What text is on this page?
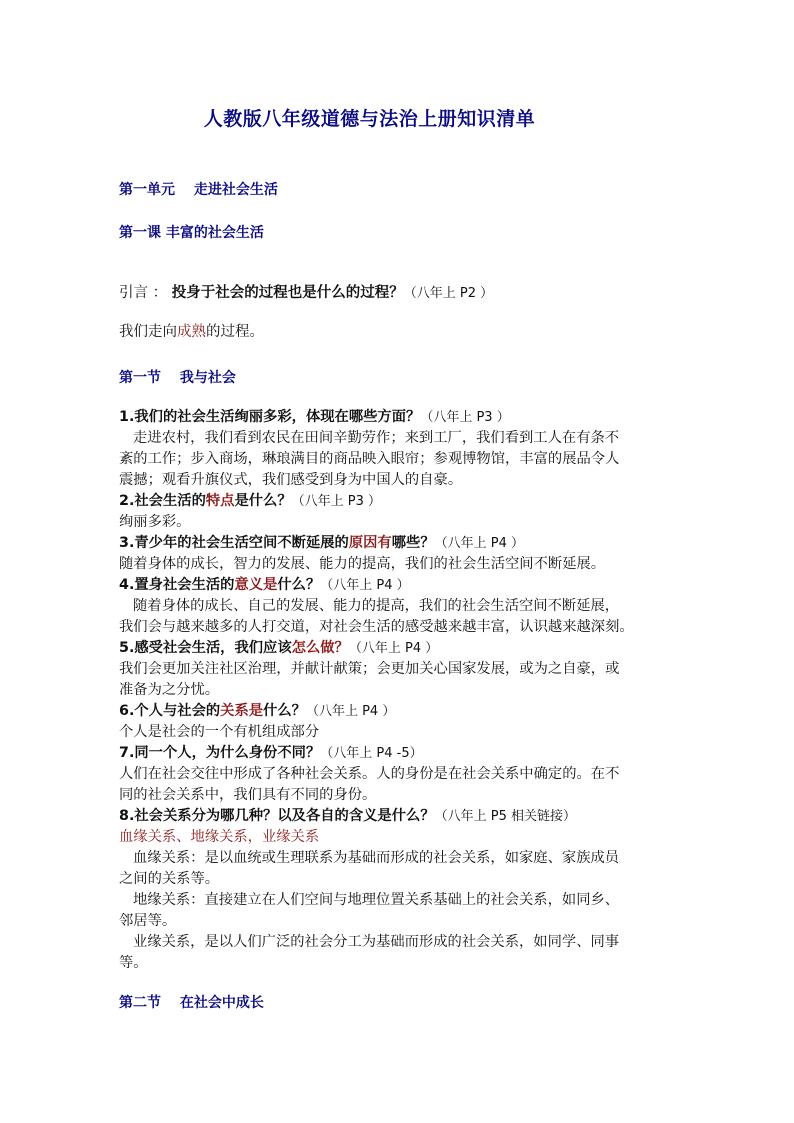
人教版八年级道德与法治上册知识清单
第一单元　 走进社会生活
第一课 丰富的社会生活
引言 ： 投身于社会的过程也是什么的过程？（八年上 P2 ）
我们走向成熟的过程。
第一节　 我与社会
1.我们的社会生活绚丽多彩，体现在哪些方面？（八年上 P3 ）
走进农村，我们看到农民在田间辛勤劳作；来到工厂，我们看到工人在有条不
紊的工作；步入商场，琳琅满目的商品映入眼帘；参观博物馆，丰富的展品令人
震撼；观看升旗仪式，我们感受到身为中国人的自豪。
2.社会生活的特点是什么？（八年上 P3 ）
绚丽多彩。
3.青少年的社会生活空间不断延展的原因有哪些？（八年上 P4 ）
随着身体的成长，智力的发展、能力的提高，我们的社会生活空间不断延展。
4.置身社会生活的意义是什么？（八年上 P4 ）
随着身体的成长、自己的发展、能力的提高，我们的社会生活空间不断延展，
我们会与越来越多的人打交道，对社会生活的感受越来越丰富，认识越来越深刻。
5.感受社会生活，我们应该怎么做？（八年上 P4 ）
我们会更加关注社区治理，并献计献策；会更加关心国家发展，或为之自豪，或
准备为之分忧。
6.个人与社会的关系是什么？（八年上 P4 ）
个人是社会的一个有机组成部分
7.同一个人，为什么身份不同？（八年上 P4 -5）
人们在社会交往中形成了各种社会关系。人的身份是在社会关系中确定的。在不
同的社会关系中，我们具有不同的身份。
8.社会关系分为哪几种？以及各自的含义是什么？（八年上 P5 相关链接）
血缘关系、地缘关系，业缘关系
血缘关系：是以血统或生理联系为基础而形成的社会关系，如家庭、家族成员
之间的关系等。
地缘关系：直接建立在人们空间与地理位置关系基础上的社会关系，如同乡、
邻居等。
业缘关系，是以人们广泛的社会分工为基础而形成的社会关系，如同学、同事
等。
第二节　 在社会中成长
